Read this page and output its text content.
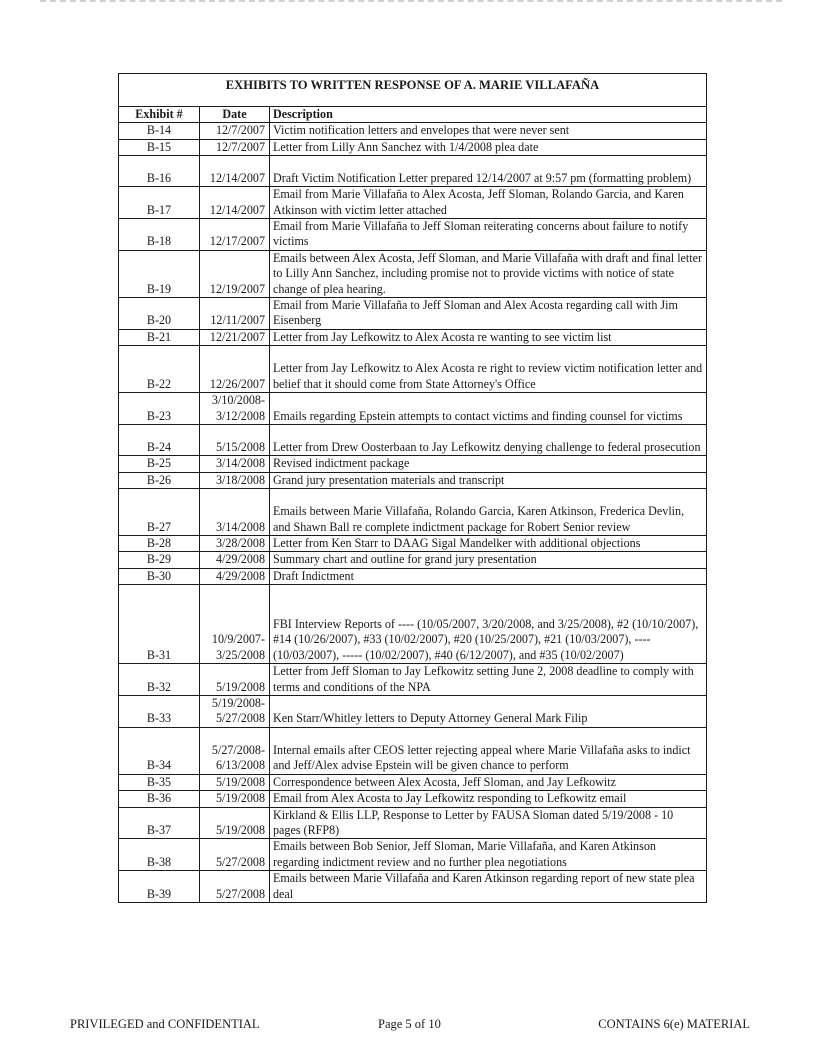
EXHIBITS TO WRITTEN RESPONSE OF A. MARIE VILLAFAÑA		
Exhibit #	Date	Description
B-14	12/7/2007	Victim notification letters and envelopes that were never sent
B-15	12/7/2007	Letter from Lilly Ann Sanchez with 1/4/2008 plea date
B-16	12/14/2007	Draft Victim Notification Letter prepared 12/14/2007 at 9:57 pm (formatting problem)
B-17	12/14/2007	Email from Marie Villafaña to Alex Acosta, Jeff Sloman, Rolando Garcia, and Karen Atkinson with victim letter attached
B-18	12/17/2007	Email from Marie Villafaña to Jeff Sloman reiterating concerns about failure to notify victims
B-19	12/19/2007	Emails between Alex Acosta, Jeff Sloman, and Marie Villafaña with draft and final letter to Lilly Ann Sanchez, including promise not to provide victims with notice of state change of plea hearing.
B-20	12/11/2007	Email from Marie Villafaña to Jeff Sloman and Alex Acosta regarding call with Jim Eisenberg
B-21	12/21/2007	Letter from Jay Lefkowitz to Alex Acosta re wanting to see victim list
B-22	12/26/2007	Letter from Jay Lefkowitz to Alex Acosta re right to review victim notification letter and belief that it should come from State Attorney's Office
B-23	3/10/2008- 3/12/2008	Emails regarding Epstein attempts to contact victims and finding counsel for victims
B-24	5/15/2008	Letter from Drew Oosterbaan to Jay Lefkowitz denying challenge to federal prosecution
B-25	3/14/2008	Revised indictment package
B-26	3/18/2008	Grand jury presentation materials and transcript
B-27	3/14/2008	Emails between Marie Villafaña, Rolando Garcia, Karen Atkinson, Frederica Devlin, and Shawn Ball re complete indictment package for Robert Senior review
B-28	3/28/2008	Letter from Ken Starr to DAAG Sigal Mandelker with additional objections
B-29	4/29/2008	Summary chart and outline for grand jury presentation
B-30	4/29/2008	Draft Indictment
B-31	10/9/2007- 3/25/2008	FBI Interview Reports of ---- (10/05/2007, 3/20/2008, and 3/25/2008), #2 (10/10/2007), #14 (10/26/2007), #33 (10/02/2007), #20 (10/25/2007), #21 (10/03/2007), ---- (10/03/2007), ----- (10/02/2007), #40 (6/12/2007), and #35 (10/02/2007)
B-32	5/19/2008	Letter from Jeff Sloman to Jay Lefkowitz setting June 2, 2008 deadline to comply with terms and conditions of the NPA
B-33	5/19/2008- 5/27/2008	Ken Starr/Whitley letters to Deputy Attorney General Mark Filip
B-34	5/27/2008- 6/13/2008	Internal emails after CEOS letter rejecting appeal where Marie Villafaña asks to indict and Jeff/Alex advise Epstein will be given chance to perform
B-35	5/19/2008	Correspondence between Alex Acosta, Jeff Sloman, and Jay Lefkowitz
B-36	5/19/2008	Email from Alex Acosta to Jay Lefkowitz responding to Lefkowitz email
B-37	5/19/2008	Kirkland & Ellis LLP, Response to Letter by FAUSA Sloman dated 5/19/2008 - 10 pages (RFP8)
B-38	5/27/2008	Emails between Bob Senior, Jeff Sloman, Marie Villafaña, and Karen Atkinson regarding indictment review and no further plea negotiations
B-39	5/27/2008	Emails between Marie Villafaña and Karen Atkinson regarding report of new state plea deal
PRIVILEGED and CONFIDENTIAL	Page 5 of 10	CONTAINS 6(e) MATERIAL
